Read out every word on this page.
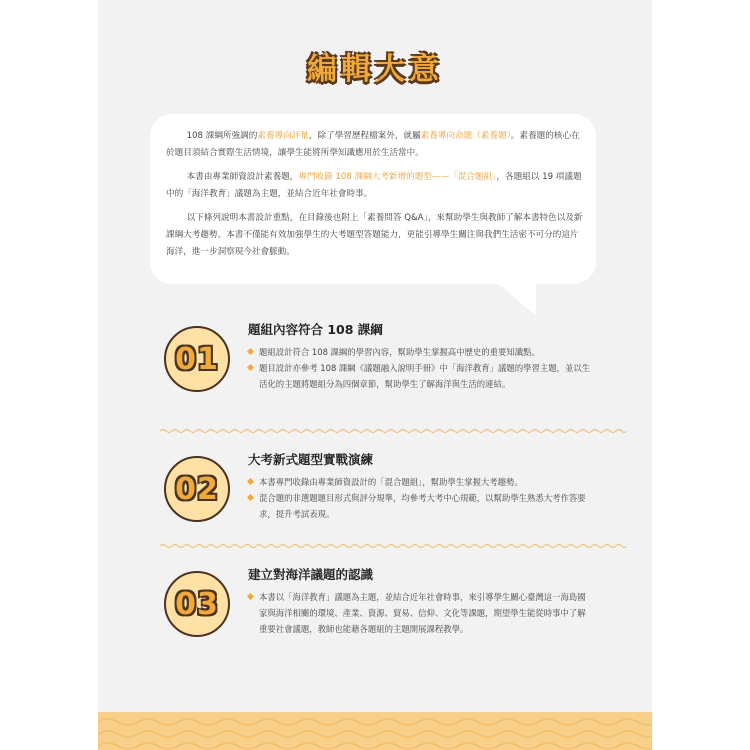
編輯大意

108 課綱所強調的素養導向評量，除了學習歷程檔案外，就屬素養導向命題（素養題）。素養題的核心在於題目須結合實際生活情境，讓學生能將所學知識應用於生活當中。

本書由專業師資設計素養題，專門收錄 108 課綱大考新增的題型——「混合題組」，各題組以 19 項議題中的「海洋教育」議題為主題，並結合近年社會時事。

以下條列說明本書設計重點，在目錄後也附上「素養問答 Q&A」，來幫助學生與教師了解本書特色以及新課綱大考趨勢。本書不僅能有效加強學生的大考題型答題能力，更能引導學生關注與我們生活密不可分的這片海洋，進一步洞察現今社會脈動。

01
題組內容符合 108 課綱
題組設計符合 108 課綱的學習內容，幫助學生掌握高中歷史的重要知識點。
題目設計亦參考 108 課綱《議題融入說明手冊》中「海洋教育」議題的學習主題，並以生活化的主題將題組分為四個章節，幫助學生了解海洋與生活的連結。
02
大考新式題型實戰演練
本書專門收錄由專業師資設計的「混合題組」，幫助學生掌握大考趨勢。
混合題的非選題題目形式與評分規準，均參考大考中心規範，以幫助學生熟悉大考作答要求，提升考試表現。
03
建立對海洋議題的認識
本書以「海洋教育」議題為主題，並結合近年社會時事，來引導學生關心臺灣這一海島國家與海洋相關的環境、產業、資源、貿易、信仰、文化等課題，期望學生能從時事中了解重要社會議題，教師也能藉各題組的主題開展課程教學。
